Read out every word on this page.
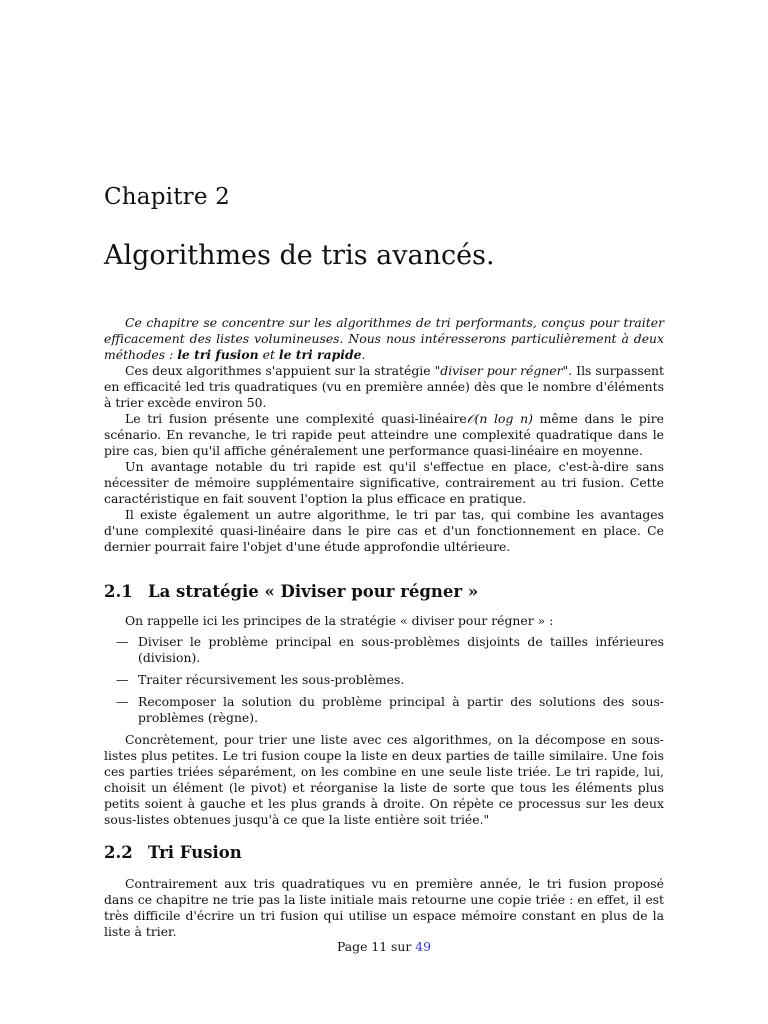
Chapitre 2
Algorithmes de tris avancés.

Ce chapitre se concentre sur les algorithmes de tri performants, conçus pour traiter efficacement des listes volumineuses. Nous nous intéresserons particulièrement à deux méthodes : le tri fusion et le tri rapide.

Ces deux algorithmes s'appuient sur la stratégie "diviser pour régner". Ils surpassent en efficacité led tris quadratiques (vu en première année) dès que le nombre d'éléments à trier excède environ 50.

Le tri fusion présente une complexité quasi-linéaire𝒪(n log n) même dans le pire scénario. En revanche, le tri rapide peut atteindre une complexité quadratique dans le pire cas, bien qu'il affiche généralement une performance quasi-linéaire en moyenne.

Un avantage notable du tri rapide est qu'il s'effectue en place, c'est-à-dire sans nécessiter de mémoire supplémentaire significative, contrairement au tri fusion. Cette caractéristique en fait souvent l'option la plus efficace en pratique.

Il existe également un autre algorithme, le tri par tas, qui combine les avantages d'une complexité quasi-linéaire dans le pire cas et d'un fonctionnement en place. Ce dernier pourrait faire l'objet d'une étude approfondie ultérieure.

2.1 La stratégie « Diviser pour régner »

On rappelle ici les principes de la stratégie « diviser pour régner » :

— Diviser le problème principal en sous-problèmes disjoints de tailles inférieures (division).
— Traiter récursivement les sous-problèmes.
— Recomposer la solution du problème principal à partir des solutions des sous-problèmes (règne).

Concrètement, pour trier une liste avec ces algorithmes, on la décompose en sous-listes plus petites. Le tri fusion coupe la liste en deux parties de taille similaire. Une fois ces parties triées séparément, on les combine en une seule liste triée. Le tri rapide, lui, choisit un élément (le pivot) et réorganise la liste de sorte que tous les éléments plus petits soient à gauche et les plus grands à droite. On répète ce processus sur les deux sous-listes obtenues jusqu'à ce que la liste entière soit triée."

2.2 Tri Fusion

Contrairement aux tris quadratiques vu en première année, le tri fusion proposé dans ce chapitre ne trie pas la liste initiale mais retourne une copie triée : en effet, il est très difficile d'écrire un tri fusion qui utilise un espace mémoire constant en plus de la liste à trier.

Page 11 sur 49
